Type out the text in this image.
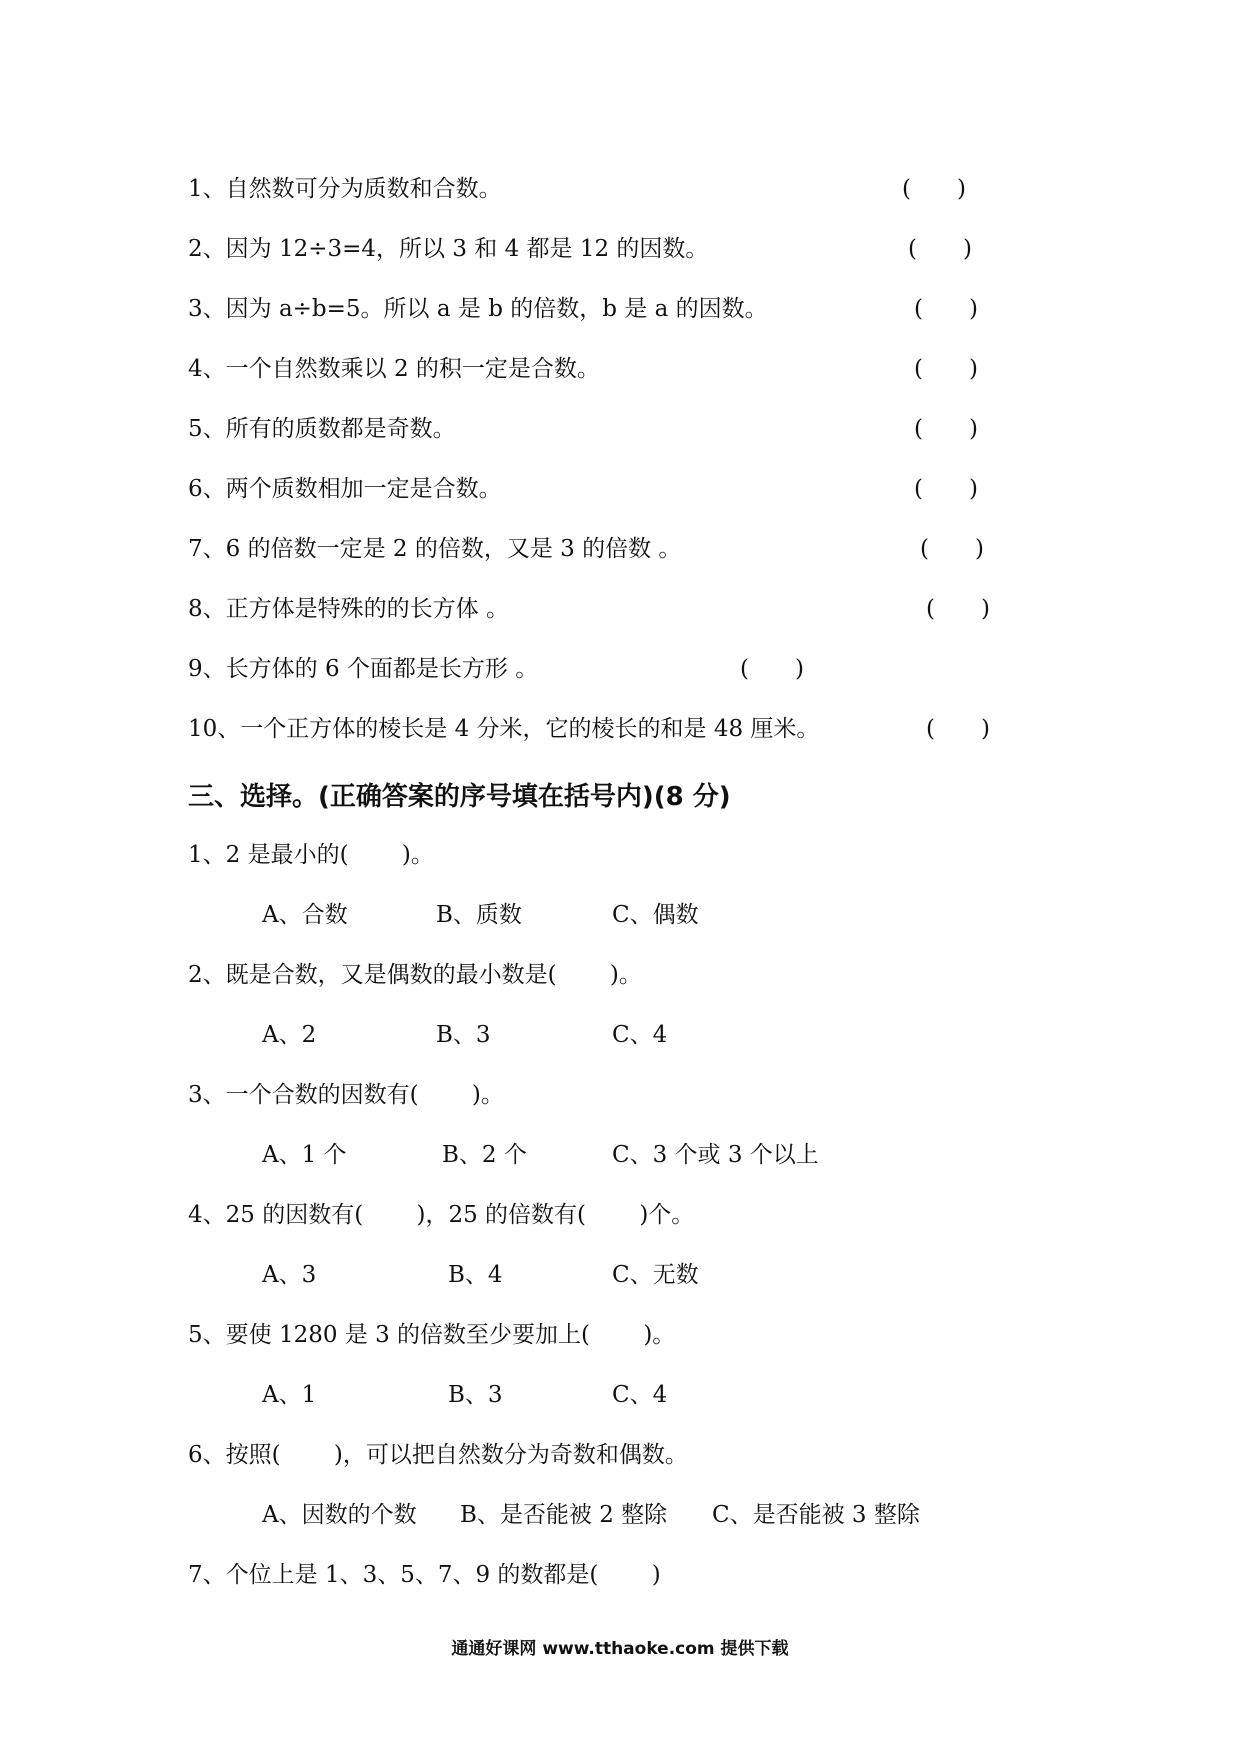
1、自然数可分为质数和合数。	(　　)
2、因为 12÷3=4，所以 3 和 4 都是 12 的因数。	(　　)
3、因为 a÷b=5。所以 a 是 b 的倍数，b 是 a 的因数。	(　　)
4、一个自然数乘以 2 的积一定是合数。	(　　)
5、所有的质数都是奇数。	(　　)
6、两个质数相加一定是合数。	(　　)
7、6 的倍数一定是 2 的倍数，又是 3 的倍数 。	(　　)
8、正方体是特殊的的长方体 。	(　　)
9、长方体的 6 个面都是长方形 。	(　　)
10、一个正方体的棱长是 4 分米，它的棱长的和是 48 厘米。	(　　)
三、选择。(正确答案的序号填在括号内)(8 分)
1、2 是最小的(　　 )。
A、合数	B、质数	C、偶数
2、既是合数，又是偶数的最小数是(　　 )。
A、2	B、3	C、4
3、一个合数的因数有(　　 )。
A、1 个	B、2 个	C、3 个或 3 个以上
4、25 的因数有(　　 )，25 的倍数有(　　 )个。
A、3	B、4	C、无数
5、要使 1280 是 3 的倍数至少要加上(　　 )。
A、1	B、3	C、4
6、按照(　　 )，可以把自然数分为奇数和偶数。
A、因数的个数 B、是否能被 2 整除 C、是否能被 3 整除
7、个位上是 1、3、5、7、9 的数都是(　　 )
通通好课网 www.tthaoke.com 提供下载
